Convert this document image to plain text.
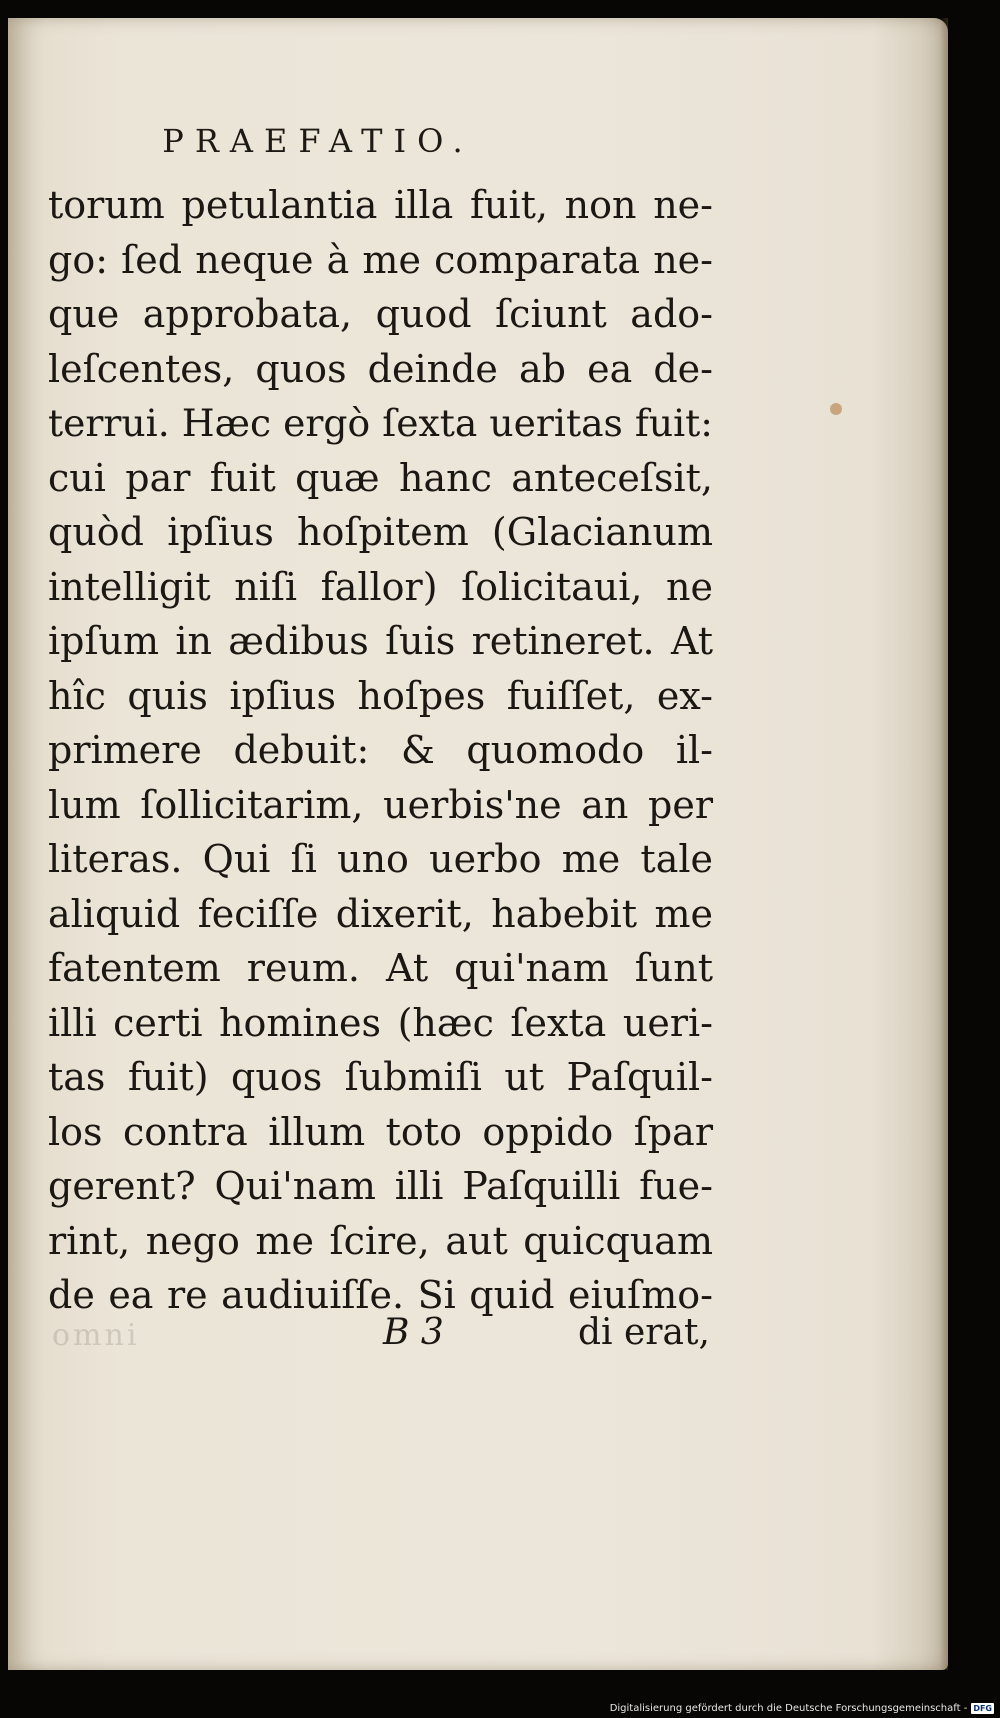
omni
PRAEFATIO.
torum petulantia illa fuit, non ne-
go: ſed neque à me comparata ne-
que approbata, quod ſciunt ado-
leſcentes, quos deinde ab ea de-
terrui. Hæc ergò ſexta ueritas fuit:
cui par fuit quæ hanc anteceſsit,
quòd ipſius hoſpitem (Glacianum
intelligit niſi fallor) ſolicitaui, ne
ipſum in ædibus ſuis retineret. At
hîc quis ipſius hoſpes fuiſſet, ex-
primere debuit: & quomodo il-
lum ſollicitarim, uerbis'ne an per
literas. Qui ſi uno uerbo me tale
aliquid feciſſe dixerit, habebit me
fatentem reum. At qui'nam ſunt
illi certi homines (hæc ſexta ueri-
tas fuit) quos ſubmiſi ut Paſquil-
los contra illum toto oppido ſpar
gerent? Qui'nam illi Paſquilli fue-
rint, nego me ſcire, aut quicquam
de ea re audiuiſſe. Si quid eiuſmo-
B 3	di erat,
Digitalisierung gefördert durch die Deutsche Forschungsgemeinschaft - DFG
